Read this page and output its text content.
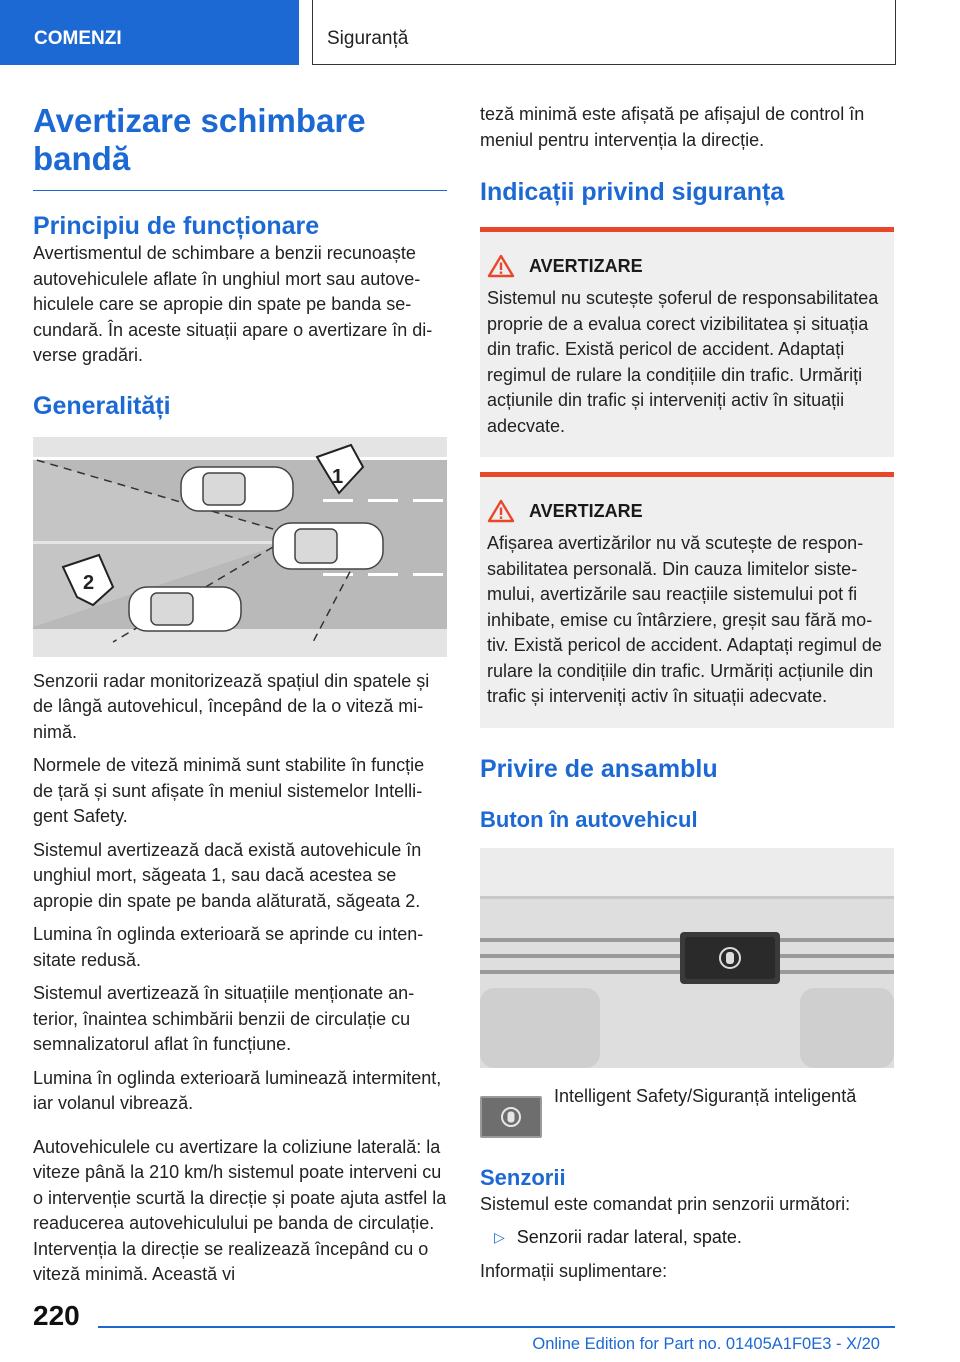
COMENZI	Siguranță
Avertizare schimbare bandă
Principiu de funcționare

Avertismentul de schimbare a benzii recunoaște autovehiculele aflate în unghiul mort sau autovehiculele care se apropie din spate pe banda secundară. În aceste situații apare o avertizare în diverse gradări.

Generalități
1
2

Senzorii radar monitorizează spațiul din spatele și de lângă autovehicul, începând de la o viteză minimă.

Normele de viteză minimă sunt stabilite în funcție de țară și sunt afișate în meniul sistemelor Intelligent Safety.

Sistemul avertizează dacă există autovehicule în unghiul mort, săgeata 1, sau dacă acestea se apropie din spate pe banda alăturată, săgeata 2.

Lumina în oglinda exterioară se aprinde cu intensitate redusă.

Sistemul avertizează în situațiile menționate anterior, înaintea schimbării benzii de circulație cu semnalizatorul aflat în funcțiune.

Lumina în oglinda exterioară luminează intermitent, iar volanul vibrează.

Autovehiculele cu avertizare la coliziune laterală: la viteze până la 210 km/h sistemul poate interveni cu o intervenție scurtă la direcție și poate ajuta astfel la readucerea autovehiculului pe banda de circulație. Intervenția la direcție se realizează începând cu o viteză minimă. Această vi

teză minimă este afișată pe afișajul de control în meniul pentru intervenția la direcție.

Indicații privind siguranța
AVERTIZARE

Sistemul nu scutește șoferul de responsabilitatea proprie de a evalua corect vizibilitatea și situația din trafic. Există pericol de accident. Adaptați regimul de rulare la condițiile din trafic. Urmăriți acțiunile din trafic și interveniți activ în situații adecvate.

AVERTIZARE

Afișarea avertizărilor nu vă scutește de responsabilitatea personală. Din cauza limitelor sistemului, avertizările sau reacțiile sistemului pot fi inhibate, emise cu întârziere, greșit sau fără motiv. Există pericol de accident. Adaptați regimul de rulare la condițiile din trafic. Urmăriți acțiunile din trafic și interveniți activ în situații adecvate.

Privire de ansamblu
Buton în autovehicul

Intelligent Safety/Siguranță inteligentă

Senzorii

Sistemul este comandat prin senzorii următori:

▷ Senzorii radar lateral, spate.

Informații suplimentare:

220
Online Edition for Part no. 01405A1F0E3 - X/20
